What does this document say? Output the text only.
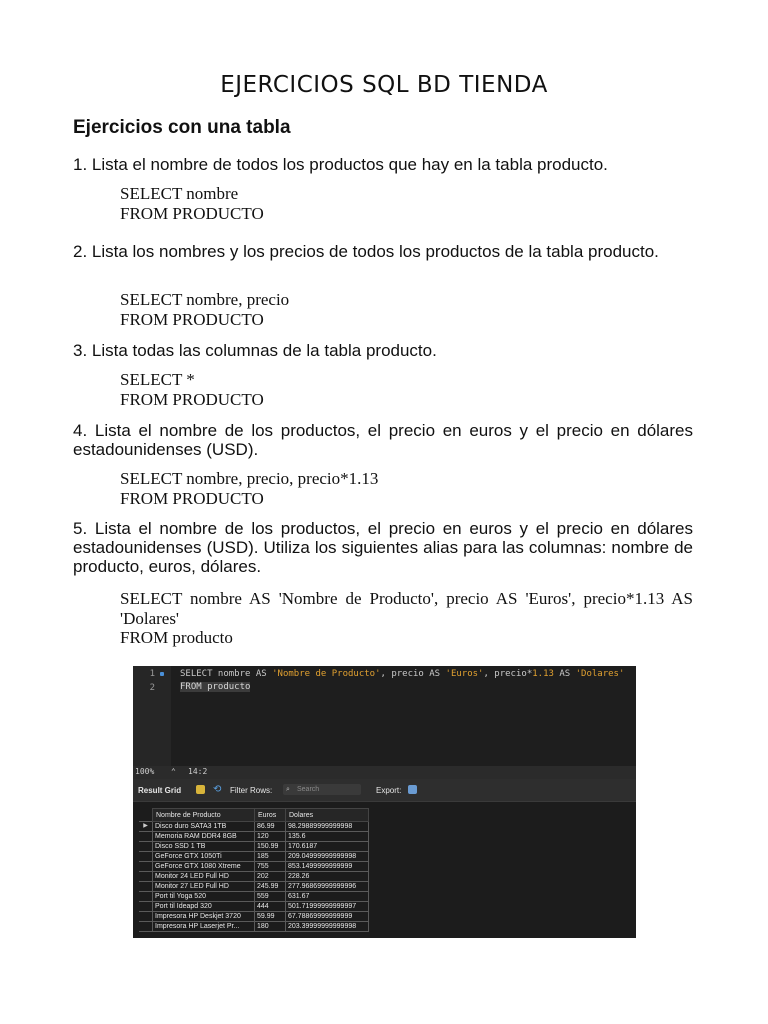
EJERCICIOS SQL BD TIENDA
Ejercicios con una tabla
1. Lista el nombre de todos los productos que hay en la tabla producto.
SELECT nombre
FROM PRODUCTO
2. Lista los nombres y los precios de todos los productos de la tabla producto.
SELECT nombre, precio
FROM PRODUCTO
3. Lista todas las columnas de la tabla producto.
SELECT *
FROM PRODUCTO
4. Lista el nombre de los productos, el precio en euros y el precio en dólares estadounidenses (USD).
SELECT nombre, precio, precio*1.13
FROM PRODUCTO
5. Lista el nombre de los productos, el precio en euros y el precio en dólares estadounidenses (USD). Utiliza los siguientes alias para las columnas: nombre de producto, euros, dólares.
SELECT nombre AS 'Nombre de Producto', precio AS 'Euros', precio*1.13 AS 'Dolares'
FROM producto
1
2
SELECT nombre AS 'Nombre de Producto', precio AS 'Euros', precio*1.13 AS 'Dolares'
FROM producto
100% ⌃ 14:2
Result Grid	⟲ Filter Rows: ⌕ Search	Export:
	Nombre de Producto	Euros	Dolares
▶	Disco duro SATA3 1TB	86.99	98.29889999999998
	Memoria RAM DDR4 8GB	120	135.6
	Disco SSD 1 TB	150.99	170.6187
	GeForce GTX 1050Ti	185	209.04999999999998
	GeForce GTX 1080 Xtreme	755	853.1499999999999
	Monitor 24 LED Full HD	202	228.26
	Monitor 27 LED Full HD	245.99	277.96869999999996
	Port til Yoga 520	559	631.67
	Port til Ideapd 320	444	501.71999999999997
	Impresora HP Deskjet 3720	59.99	67.78869999999999
	Impresora HP Laserjet Pr...	180	203.39999999999998
